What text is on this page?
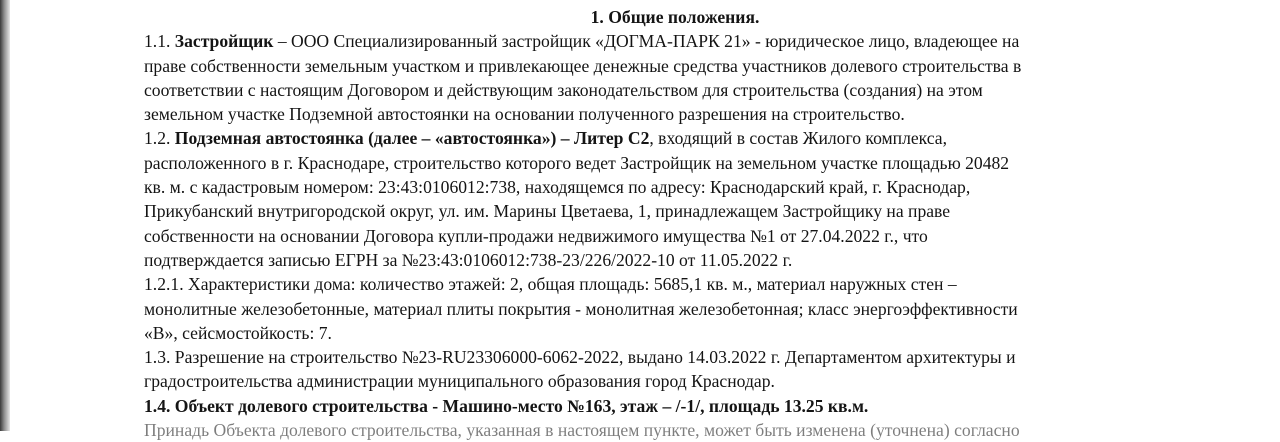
1. Общие положения.
1.1. Застройщик – ООО Специализированный застройщик «ДОГМА-ПАРК 21» - юридическое лицо, владеющее на
праве собственности земельным участком и привлекающее денежные средства участников долевого строительства в
соответствии с настоящим Договором и действующим законодательством для строительства (создания) на этом
земельном участке Подземной автостоянки на основании полученного разрешения на строительство.
1.2. Подземная автостоянка (далее – «автостоянка») – Литер С2, входящий в состав Жилого комплекса,
расположенного в г. Краснодаре, строительство которого ведет Застройщик на земельном участке площадью 20482
кв. м. с кадастровым номером: 23:43:0106012:738, находящемся по адресу: Краснодарский край, г. Краснодар,
Прикубанский внутригородской округ, ул. им. Марины Цветаева, 1, принадлежащем Застройщику на праве
собственности на основании Договора купли-продажи недвижимого имущества №1 от 27.04.2022 г., что
подтверждается записью ЕГРН за №23:43:0106012:738-23/226/2022-10 от 11.05.2022 г.
1.2.1. Характеристики дома: количество этажей: 2, общая площадь: 5685,1 кв. м., материал наружных стен –
монолитные железобетонные, материал плиты покрытия - монолитная железобетонная; класс энергоэффективности
«В», сейсмостойкость: 7.
1.3. Разрешение на строительство №23-RU23306000-6062-2022, выдано 14.03.2022 г. Департаментом архитектуры и
градостроительства администрации муниципального образования город Краснодар.
1.4. Объект долевого строительства - Машино-место №163, этаж – /-1/, площадь 13.25 кв.м.
Принадь Объекта долевого строительства, указанная в настоящем пункте, может быть изменена (уточнена) согласно
